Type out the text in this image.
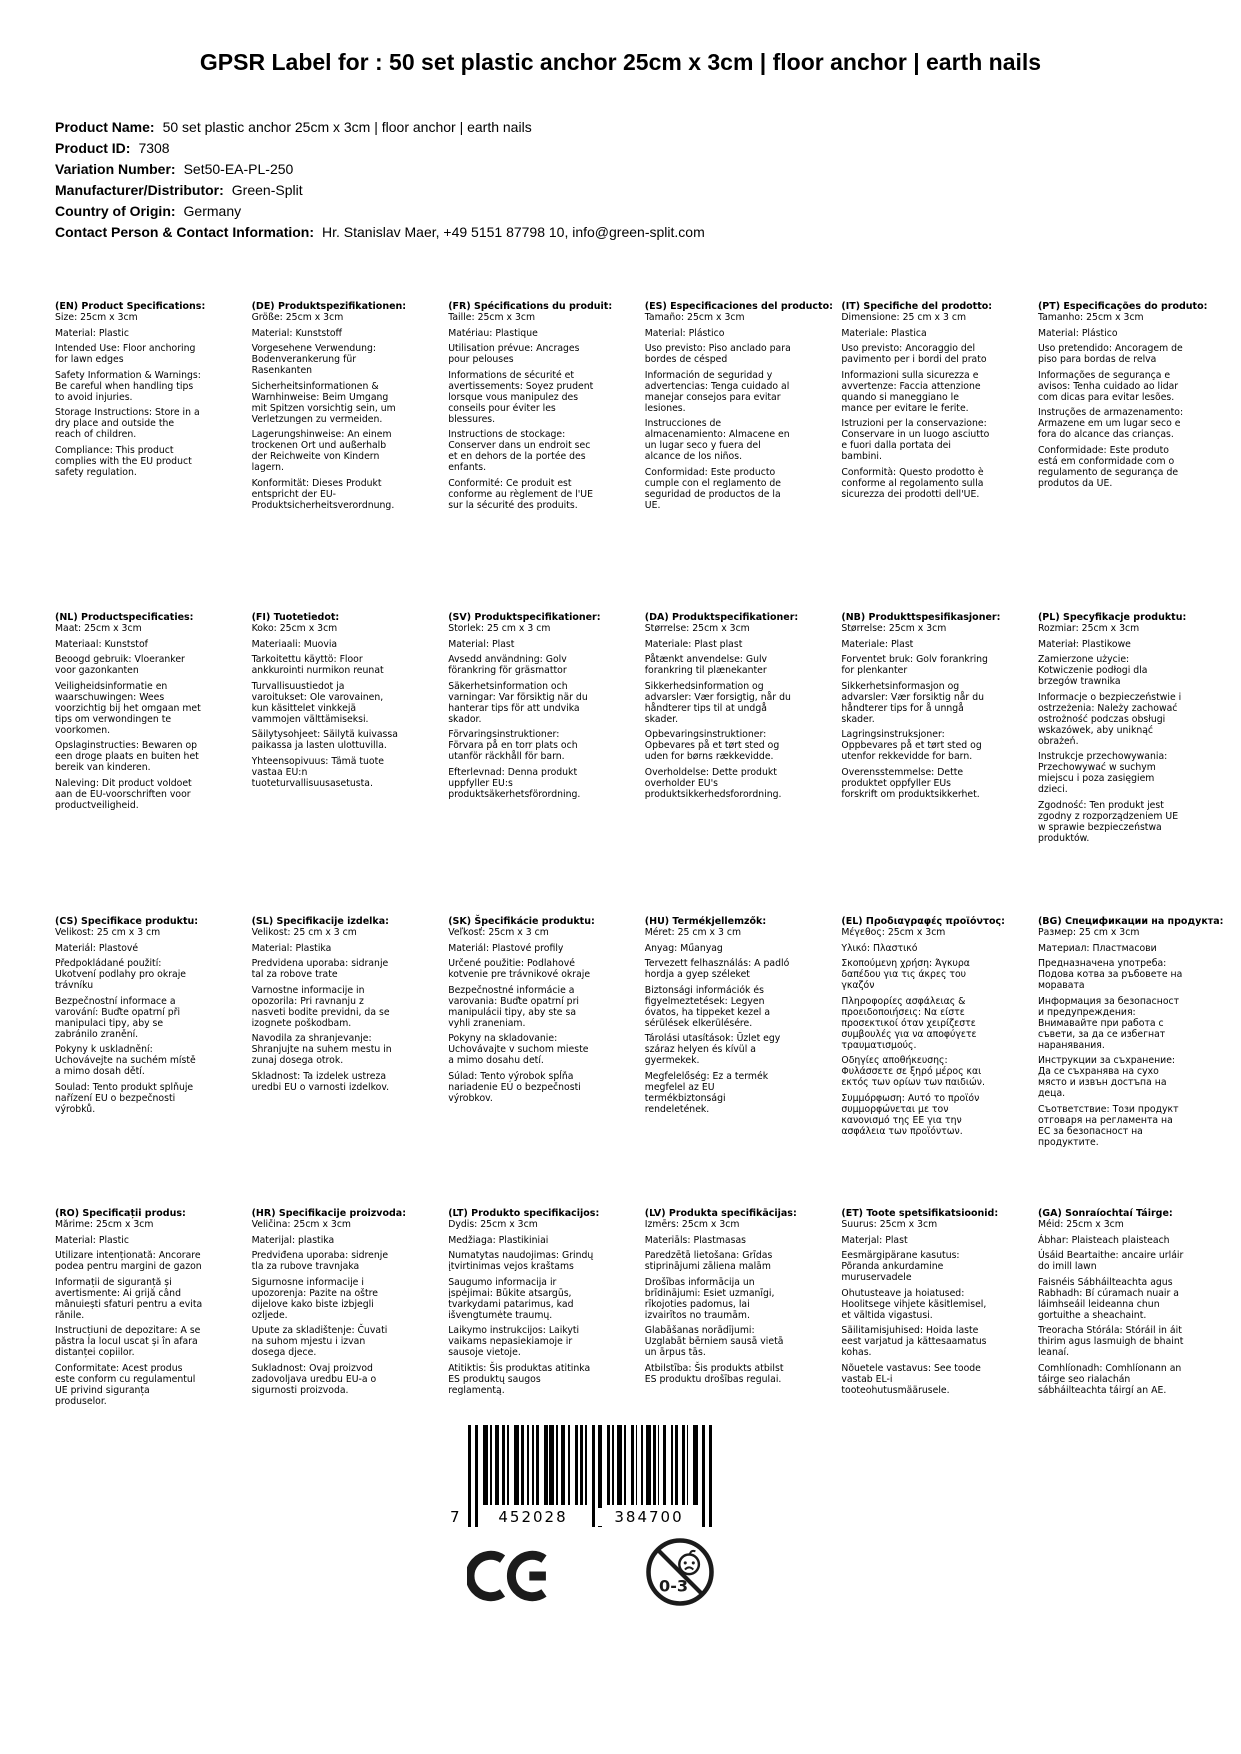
GPSR Label for : 50 set plastic anchor 25cm x 3cm | floor anchor | earth nails
Product Name: 50 set plastic anchor 25cm x 3cm | floor anchor | earth nails
Product ID: 7308
Variation Number: Set50-EA-PL-250
Manufacturer/Distributor: Green-Split
Country of Origin: Germany
Contact Person & Contact Information: Hr. Stanislav Maer, +49 5151 87798 10, info@green-split.com
(EN) Product Specifications:

Size: 25cm x 3cm

Material: Plastic

Intended Use: Floor anchoring for lawn edges

Safety Information & Warnings: Be careful when handling tips to avoid injuries.

Storage Instructions: Store in a dry place and outside the reach of children.

Compliance: This product complies with the EU product safety regulation.

(DE) Produktspezifikationen:

Größe: 25cm x 3cm

Material: Kunststoff

Vorgesehene Verwendung: Bodenverankerung für Rasenkanten

Sicherheitsinformationen & Warnhinweise: Beim Umgang mit Spitzen vorsichtig sein, um Verletzungen zu vermeiden.

Lagerungshinweise: An einem trockenen Ort und außerhalb der Reichweite von Kindern lagern.

Konformität: Dieses Produkt entspricht der EU-Produktsicherheitsverordnung.

(FR) Spécifications du produit:

Taille: 25cm x 3cm

Matériau: Plastique

Utilisation prévue: Ancrages pour pelouses

Informations de sécurité et avertissements: Soyez prudent lorsque vous manipulez des conseils pour éviter les blessures.

Instructions de stockage: Conserver dans un endroit sec et en dehors de la portée des enfants.

Conformité: Ce produit est conforme au règlement de l'UE sur la sécurité des produits.

(ES) Especificaciones del producto:

Tamaño: 25cm x 3cm

Material: Plástico

Uso previsto: Piso anclado para bordes de césped

Información de seguridad y advertencias: Tenga cuidado al manejar consejos para evitar lesiones.

Instrucciones de almacenamiento: Almacene en un lugar seco y fuera del alcance de los niños.

Conformidad: Este producto cumple con el reglamento de seguridad de productos de la UE.

(IT) Specifiche del prodotto:

Dimensione: 25 cm x 3 cm

Materiale: Plastica

Uso previsto: Ancoraggio del pavimento per i bordi del prato

Informazioni sulla sicurezza e avvertenze: Faccia attenzione quando si maneggiano le mance per evitare le ferite.

Istruzioni per la conservazione: Conservare in un luogo asciutto e fuori dalla portata dei bambini.

Conformità: Questo prodotto è conforme al regolamento sulla sicurezza dei prodotti dell'UE.

(PT) Especificações do produto:

Tamanho: 25cm x 3cm

Material: Plástico

Uso pretendido: Ancoragem de piso para bordas de relva

Informações de segurança e avisos: Tenha cuidado ao lidar com dicas para evitar lesões.

Instruções de armazenamento: Armazene em um lugar seco e fora do alcance das crianças.

Conformidade: Este produto está em conformidade com o regulamento de segurança de produtos da UE.

(NL) Productspecificaties:

Maat: 25cm x 3cm

Materiaal: Kunststof

Beoogd gebruik: Vloeranker voor gazonkanten

Veiligheidsinformatie en waarschuwingen: Wees voorzichtig bij het omgaan met tips om verwondingen te voorkomen.

Opslaginstructies: Bewaren op een droge plaats en buiten het bereik van kinderen.

Naleving: Dit product voldoet aan de EU-voorschriften voor productveiligheid.

(FI) Tuotetiedot:

Koko: 25cm x 3cm

Materiaali: Muovia

Tarkoitettu käyttö: Floor ankkurointi nurmikon reunat

Turvallisuustiedot ja varoitukset: Ole varovainen, kun käsittelet vinkkejä vammojen välttämiseksi.

Säilytysohjeet: Säilytä kuivassa paikassa ja lasten ulottuvilla.

Yhteensopivuus: Tämä tuote vastaa EU:n tuoteturvallisuusasetusta.

(SV) Produktspecifikationer:

Storlek: 25 cm x 3 cm

Material: Plast

Avsedd användning: Golv förankring för gräsmattor

Säkerhetsinformation och varningar: Var försiktig när du hanterar tips för att undvika skador.

Förvaringsinstruktioner: Förvara på en torr plats och utanför räckhåll för barn.

Efterlevnad: Denna produkt uppfyller EU:s produktsäkerhetsförordning.

(DA) Produktspecifikationer:

Størrelse: 25cm x 3cm

Materiale: Plast plast

Påtænkt anvendelse: Gulv forankring til plænekanter

Sikkerhedsinformation og advarsler: Vær forsigtig, når du håndterer tips til at undgå skader.

Opbevaringsinstruktioner: Opbevares på et tørt sted og uden for børns rækkevidde.

Overholdelse: Dette produkt overholder EU's produktsikkerhedsforordning.

(NB) Produkttspesifikasjoner:

Størrelse: 25cm x 3cm

Materiale: Plast

Forventet bruk: Golv forankring for plenkanter

Sikkerhetsinformasjon og advarsler: Vær forsiktig når du håndterer tips for å unngå skader.

Lagringsinstruksjoner: Oppbevares på et tørt sted og utenfor rekkevidde for barn.

Overensstemmelse: Dette produktet oppfyller EUs forskrift om produktsikkerhet.

(PL) Specyfikacje produktu:

Rozmiar: 25cm x 3cm

Materiał: Plastikowe

Zamierzone użycie: Kotwiczenie podłogi dla brzegów trawnika

Informacje o bezpieczeństwie i ostrzeżenia: Należy zachować ostrożność podczas obsługi wskazówek, aby uniknąć obrażeń.

Instrukcje przechowywania: Przechowywać w suchym miejscu i poza zasięgiem dzieci.

Zgodność: Ten produkt jest zgodny z rozporządzeniem UE w sprawie bezpieczeństwa produktów.

(CS) Specifikace produktu:

Velikost: 25 cm x 3 cm

Materiál: Plastové

Předpokládané použití: Ukotvení podlahy pro okraje trávníku

Bezpečnostní informace a varování: Buďte opatrní při manipulaci tipy, aby se zabránilo zranění.

Pokyny k uskladnění: Uchovávejte na suchém místě a mimo dosah dětí.

Soulad: Tento produkt splňuje nařízení EU o bezpečnosti výrobků.

(SL) Specifikacije izdelka:

Velikost: 25 cm x 3 cm

Material: Plastika

Predvidena uporaba: sidranje tal za robove trate

Varnostne informacije in opozorila: Pri ravnanju z nasveti bodite previdni, da se izognete poškodbam.

Navodila za shranjevanje: Shranjujte na suhem mestu in zunaj dosega otrok.

Skladnost: Ta izdelek ustreza uredbi EU o varnosti izdelkov.

(SK) Špecifikácie produktu:

Veľkosť: 25cm x 3 cm

Materiál: Plastové profily

Určené použitie: Podlahové kotvenie pre trávnikové okraje

Bezpečnostné informácie a varovania: Buďte opatrní pri manipulácii tipy, aby ste sa vyhli zraneniam.

Pokyny na skladovanie: Uchovávajte v suchom mieste a mimo dosahu detí.

Súlad: Tento výrobok spĺňa nariadenie EÚ o bezpečnosti výrobkov.

(HU) Termékjellemzők:

Méret: 25 cm x 3 cm

Anyag: Műanyag

Tervezett felhasználás: A padló hordja a gyep széleket

Biztonsági információk és figyelmeztetések: Legyen óvatos, ha tippeket kezel a sérülések elkerülésére.

Tárolási utasítások: Üzlet egy száraz helyen és kívül a gyermekek.

Megfelelőség: Ez a termék megfelel az EU termékbiztonsági rendeletének.

(EL) Προδιαγραφές προϊόντος:

Μέγεθος: 25cm x 3cm

Υλικό: Πλαστικό

Σκοπούμενη χρήση: Άγκυρα δαπέδου για τις άκρες του γκαζόν

Πληροφορίες ασφάλειας & προειδοποιήσεις: Να είστε προσεκτικοί όταν χειρίζεστε συμβουλές για να αποφύγετε τραυματισμούς.

Οδηγίες αποθήκευσης: Φυλάσσετε σε ξηρό μέρος και εκτός των ορίων των παιδιών.

Συμμόρφωση: Αυτό το προϊόν συμμορφώνεται με τον κανονισμό της ΕΕ για την ασφάλεια των προϊόντων.

(BG) Спецификации на продукта:

Размер: 25 cm x 3cm

Материал: Пластмасови

Предназначена употреба: Подова котва за ръбовете на моравата

Информация за безопасност и предупреждения: Внимавайте при работа с съвети, за да се избегнат наранявания.

Инструкции за съхранение: Да се съхранява на сухо място и извън достъпа на деца.

Съответствие: Този продукт отговаря на регламента на ЕС за безопасност на продуктите.

(RO) Specificații produs:

Mărime: 25cm x 3cm

Material: Plastic

Utilizare intenționată: Ancorare podea pentru margini de gazon

Informații de siguranță și avertismente: Ai grijă când mânuiești sfaturi pentru a evita rănile.

Instrucțiuni de depozitare: A se păstra la locul uscat și în afara distanței copiilor.

Conformitate: Acest produs este conform cu regulamentul UE privind siguranța produselor.

(HR) Specifikacije proizvoda:

Veličina: 25cm x 3cm

Materijal: plastika

Predviđena uporaba: sidrenje tla za rubove travnjaka

Sigurnosne informacije i upozorenja: Pazite na oštre dijelove kako biste izbjegli ozljede.

Upute za skladištenje: Čuvati na suhom mjestu i izvan dosega djece.

Sukladnost: Ovaj proizvod zadovoljava uredbu EU-a o sigurnosti proizvoda.

(LT) Produkto specifikacijos:

Dydis: 25cm x 3cm

Medžiaga: Plastikiniai

Numatytas naudojimas: Grindų įtvirtinimas vejos kraštams

Saugumo informacija ir įspėjimai: Būkite atsargūs, tvarkydami patarimus, kad išvengtumėte traumų.

Laikymo instrukcijos: Laikyti vaikams nepasiekiamoje ir sausoje vietoje.

Atitiktis: Šis produktas atitinka ES produktų saugos reglamentą.

(LV) Produkta specifikācijas:

Izmērs: 25cm x 3cm

Materiāls: Plastmasas

Paredzētā lietošana: Grīdas stiprinājumi zāliena malām

Drošības informācija un brīdinājumi: Esiet uzmanīgi, rīkojoties padomus, lai izvairītos no traumām.

Glabāšanas norādījumi: Uzglabāt bērniem sausā vietā un ārpus tās.

Atbilstība: Šis produkts atbilst ES produktu drošības regulai.

(ET) Toote spetsifikatsioonid:

Suurus: 25cm x 3cm

Materjal: Plast

Eesmärgipärane kasutus: Põranda ankurdamine muruservadele

Ohutusteave ja hoiatused: Hoolitsege vihjete käsitlemisel, et vältida vigastusi.

Säilitamisjuhised: Hoida laste eest varjatud ja kättesaamatus kohas.

Nõuetele vastavus: See toode vastab EL-i tooteohutusmäärusele.

(GA) Sonraíochtaí Táirge:

Méid: 25cm x 3cm

Ábhar: Plaisteach plaisteach

Úsáid Beartaithe: ancaire urláir do imill lawn

Faisnéis Sábháilteachta agus Rabhadh: Bí cúramach nuair a láimhseáil leideanna chun gortuithe a sheachaint.

Treoracha Stórála: Stóráil in áit thirim agus lasmuigh de bhaint leanaí.

Comhlíonadh: Comhlíonann an táirge seo rialachán sábháilteachta táirgí an AE.

7	452028	384700
0-3
